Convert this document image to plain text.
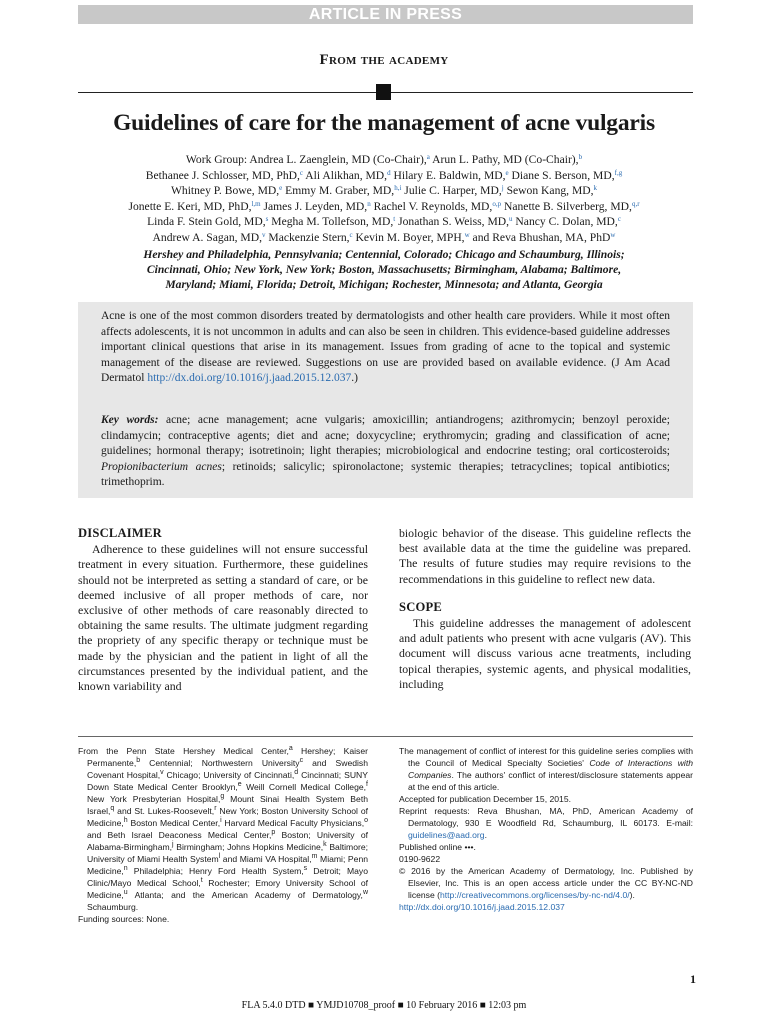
ARTICLE IN PRESS
From the academy
Guidelines of care for the management of acne vulgaris
Work Group: Andrea L. Zaenglein, MD (Co-Chair),$^a$ Arun L. Pathy, MD (Co-Chair),$^b$
Bethanee J. Schlosser, MD, PhD,$^c$ Ali Alikhan, MD,$^d$ Hilary E. Baldwin, MD,$^e$ Diane S. Berson, MD,$^{f,g}$
Whitney P. Bowe, MD,$^e$ Emmy M. Graber, MD,$^{h,i}$ Julie C. Harper, MD,$^j$ Sewon Kang, MD,$^k$
Jonette E. Keri, MD, PhD,$^{l,m}$ James J. Leyden, MD,$^n$ Rachel V. Reynolds, MD,$^{o,p}$ Nanette B. Silverberg, MD,$^{q,r}$
Linda F. Stein Gold, MD,$^s$ Megha M. Tollefson, MD,$^t$ Jonathan S. Weiss, MD,$^u$ Nancy C. Dolan, MD,$^c$
Andrew A. Sagan, MD,$^v$ Mackenzie Stern,$^c$ Kevin M. Boyer, MPH,$^w$ and Reva Bhushan, MA, PhD$^w$
Hershey and Philadelphia, Pennsylvania; Centennial, Colorado; Chicago and Schaumburg, Illinois;
Cincinnati, Ohio; New York, New York; Boston, Massachusetts; Birmingham, Alabama; Baltimore,
Maryland; Miami, Florida; Detroit, Michigan; Rochester, Minnesota; and Atlanta, Georgia
Acne is one of the most common disorders treated by dermatologists and other health care providers. While it most often affects adolescents, it is not uncommon in adults and can also be seen in children. This evidence-based guideline addresses important clinical questions that arise in its management. Issues from grading of acne to the topical and systemic management of the disease are reviewed. Suggestions on use are provided based on available evidence. (J Am Acad Dermatol http://dx.doi.org/10.1016/j.jaad.2015.12.037.)
Key words: acne; acne management; acne vulgaris; amoxicillin; antiandrogens; azithromycin; benzoyl peroxide; clindamycin; contraceptive agents; diet and acne; doxycycline; erythromycin; grading and classification of acne; guidelines; hormonal therapy; isotretinoin; light therapies; microbiological and endocrine testing; oral corticosteroids; Propionibacterium acnes; retinoids; salicylic; spironolactone; systemic therapies; tetracyclines; topical antibiotics; trimethoprim.
DISCLAIMER

Adherence to these guidelines will not ensure successful treatment in every situation. Furthermore, these guidelines should not be interpreted as setting a standard of care, or be deemed inclusive of all proper methods of care, nor exclusive of other methods of care reasonably directed to obtaining the same results. The ultimate judgment regarding the propriety of any specific therapy or technique must be made by the physician and the patient in light of all the circumstances presented by the individual patient, and the known variability and

biologic behavior of the disease. This guideline reflects the best available data at the time the guideline was prepared. The results of future studies may require revisions to the recommendations in this guideline to reflect new data.

SCOPE

This guideline addresses the management of adolescent and adult patients who present with acne vulgaris (AV). This document will discuss various acne treatments, including topical therapies, systemic agents, and physical modalities, including

From the Penn State Hershey Medical Center,$^a$ Hershey; Kaiser Permanente,$^b$ Centennial; Northwestern University$^c$ and Swedish Covenant Hospital,$^v$ Chicago; University of Cincinnati,$^d$ Cincinnati; SUNY Down State Medical Center Brooklyn,$^e$ Weill Cornell Medical College,$^f$ New York Presbyterian Hospital,$^g$ Mount Sinai Health System Beth Israel,$^q$ and St. Lukes-Roosevelt,$^r$ New York; Boston University School of Medicine,$^h$ Boston Medical Center,$^i$ Harvard Medical Faculty Physicians,$^o$ and Beth Israel Deaconess Medical Center,$^p$ Boston; University of Alabama-Birmingham,$^j$ Birmingham; Johns Hopkins Medicine,$^k$ Baltimore; University of Miami Health System$^l$ and Miami VA Hospital,$^m$ Miami; Penn Medicine,$^n$ Philadelphia; Henry Ford Health System,$^s$ Detroit; Mayo Clinic/Mayo Medical School,$^t$ Rochester; Emory University School of Medicine,$^u$ Atlanta; and the American Academy of Dermatology,$^w$ Schaumburg.
Funding sources: None.
The management of conflict of interest for this guideline series complies with the Council of Medical Specialty Societies' Code of Interactions with Companies. The authors' conflict of interest/disclosure statements appear at the end of this article.
Accepted for publication December 15, 2015.
Reprint requests: Reva Bhushan, MA, PhD, American Academy of Dermatology, 930 E Woodfield Rd, Schaumburg, IL 60173. E-mail: guidelines@aad.org.
Published online •••.
0190-9622
© 2016 by the American Academy of Dermatology, Inc. Published by Elsevier, Inc. This is an open access article under the CC BY-NC-ND license (http://creativecommons.org/licenses/by-nc-nd/4.0/).
http://dx.doi.org/10.1016/j.jaad.2015.12.037
1
FLA 5.4.0 DTD ■ YMJD10708_proof ■ 10 February 2016 ■ 12:03 pm
